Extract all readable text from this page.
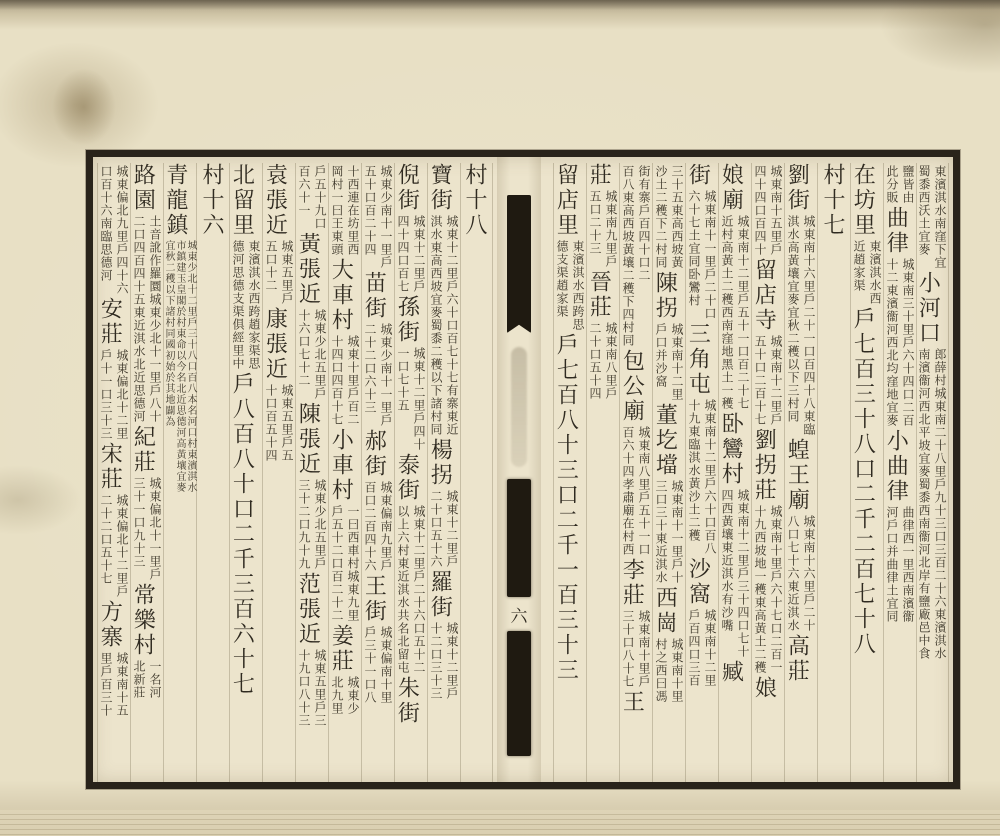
東濱淇水南窪下宜
蜀黍西沃土宜麥
小河口
郎薛村城東南二十八里戶九十三口三百二十六東濱淇水
南濱衞河西北平坡宜麥蜀黍西南衞河北岸有鹽廠邑中食
鹽皆由
此分販
曲律
城東南三十里戶六十四口二百
十二東濱衞河西北均窪地宜麥
小曲律
曲律西一里西南濱衞
河戶口并曲律土宜同
在坊里
東濱淇水西
近趙家渠
戶七百三十八口二千二百七十八
村十七
劉街
城東南十六里戶二十一口百四十八東臨
淇水高黃壤宜麥宜秋二穫以下三村同
蝗王廟
城東南十六里戶二十
八口七十六東近淇水
高莊
城東南十五里戶
四十四口百四十
留店寺
城東南十二里戶
五十口二百十七
劉拐莊
城東南十里戶六十七口二百一
十九西坡地一穫東高黃土二穫
娘
娘廟
城東南十二里戶五十一口百二十七
近村高黃土二穫西南窪地黑土一穫
卧鸞村
城東南十二里戶三十四口七十
四西黃壤東近淇水有沙嘴
臧
街
城東南十一里戶二十口
六十七土宜同卧鸞村
三角屯
城東南十二里戶六十口百八
十九東臨淇水黃沙土二穫
沙窩
城東南十二里
戶百四口三百
三十五東高西坡黃
沙土二穫下二村同
陳拐
城東南十二里
戶口并沙窩
董圪壋
城東南十一里戶十
三口三十東近淇水
西崗
城東南十里
村之西曰馮
街有寨戶百四十口二
百八東高西坡黃壤二穫下四村同
包公廟
城東南八里戶五十一口
百六十四孝肅廟在村西
李莊
城東南十里戶
三十口八十七
王
莊
城東南九里戶
五口二十三
晉莊
城東南八里戶
二十口五十四
留店里
東濱淇水西跨思
德支渠趙家渠
戶七百八十三口二千一百三十三
六
村十八
寶街
城東十二里戶六十口百七十七有寨東近
淇水東高西坡宜麥蜀黍二穫以下諸村同
楊拐
城東十二里戶
二十口五十六
羅街
城東十二里戶
十二口三十三
倪街
城東十二里戶
四十四口百七
孫街
城東十二里戶四十
一口七十五
泰街
城東十二里戶二十六口五十二
以上六村東近淇水共名北留屯
朱街
城東少南十一里戶
五十口百二十四
苗街
城東少南十一里戶
二十二口六十三
郝街
城東偏南九里戶
百口二百四十六
王街
城東偏南十里
戶三十一口八
十西連在坊里西
岡村一曰王東頭
大車村
城東十里戶百二
十四口四百十七
小車村
一曰西車村城東九里
戶五十二口百二十二
姜莊
城東少
北九里
戶五十九口
百六十一
黃張近
城東少北五里戶
十六口七十二
陳張近
城東少北五里戶
三十二口九十九
范張近
城東五里戶三
十九口八十三
袁張近
城東五里戶
五口十二
康張近
城東五里戶五
十口百五十四
北留里
東濱淇水西跨趙家渠思
德河思德支渠俱經里中
戶八百八十口二千三百六十七
村十六
青龍鎮
城東少北十二里戶三十八口百八本名河口村東濱淇水
市鎮建玉皇閣於村東命以今名北近思德河高黃壤宜麥
宜秋二穫以下諸村同國初始於其地闢為
路園
土音訛作羅圜城東少北十一里戶八十
二口四百四十五東近淇水北近思德河
紀莊
城東偏北十一里戶
三十一口九十三
常樂村
一名河
北新莊
城東偏北九里戶四十六
口百十六南臨思德河
安莊
城東偏北十二里
戶十一口三十三
宋莊
城東偏北十二里戶
二十二口五十七
方寨
城東南十五
里戶百三十
